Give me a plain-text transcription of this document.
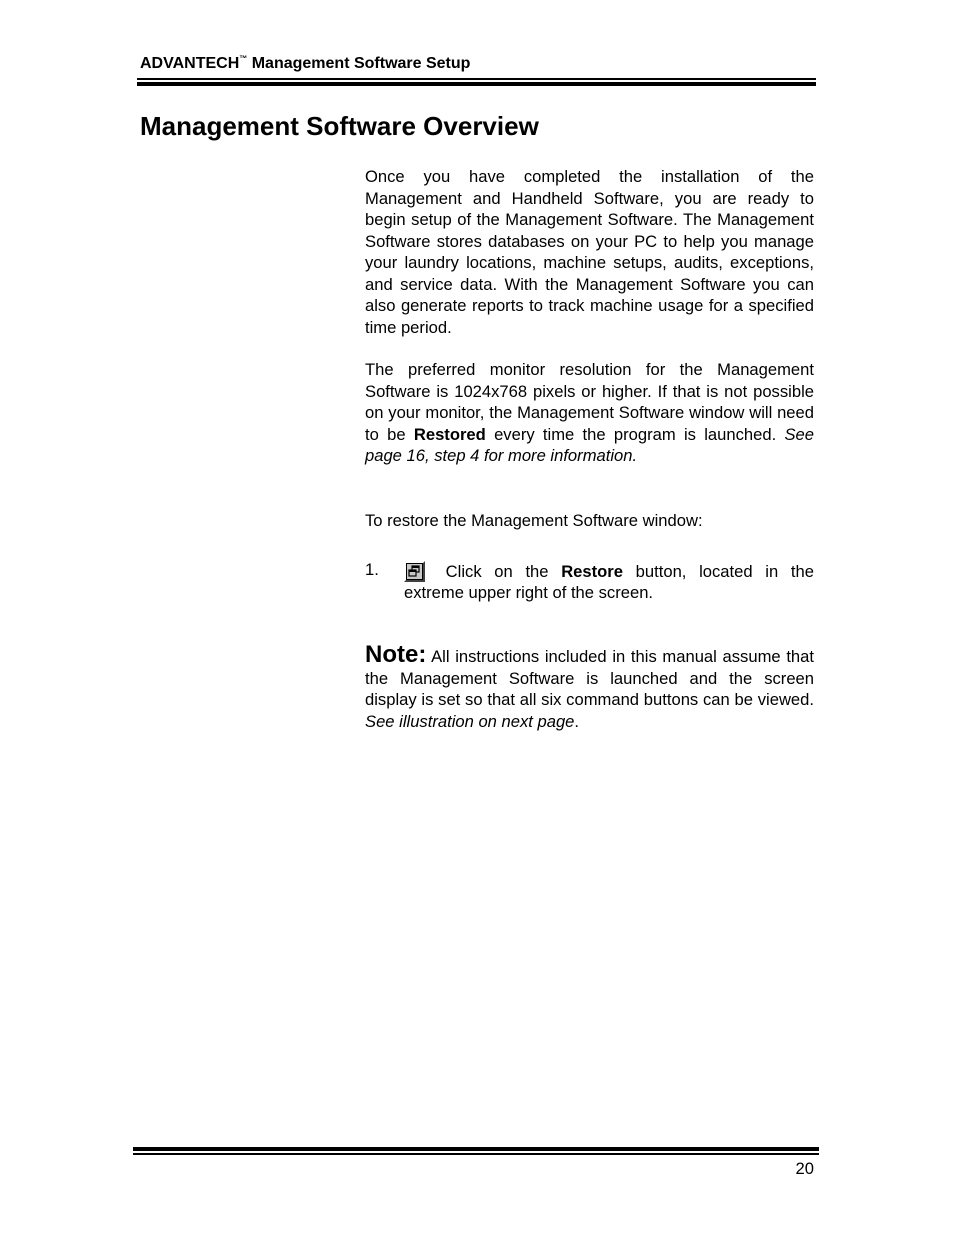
ADVANTECH™ Management Software Setup
Management Software Overview

Once you have completed the installation of the Management and Handheld Software, you are ready to begin setup of the Management Software. The Management Software stores databases on your PC to help you manage your laundry locations, machine setups, audits, exceptions, and service data. With the Management Software you can also generate reports to track machine usage for a specified time period.

The preferred monitor resolution for the Management Software is 1024x768 pixels or higher. If that is not possible on your monitor, the Management Software window will need to be Restored every time the program is launched. See page 16, step 4 for more information.

To restore the Management Software window:

1.	Click on the Restore button, located in the
extreme upper right of the screen.
Note: All instructions included in this manual assume that the Management Software is launched and the screen display is set so that all six command buttons can be viewed. See illustration on next page.
20
